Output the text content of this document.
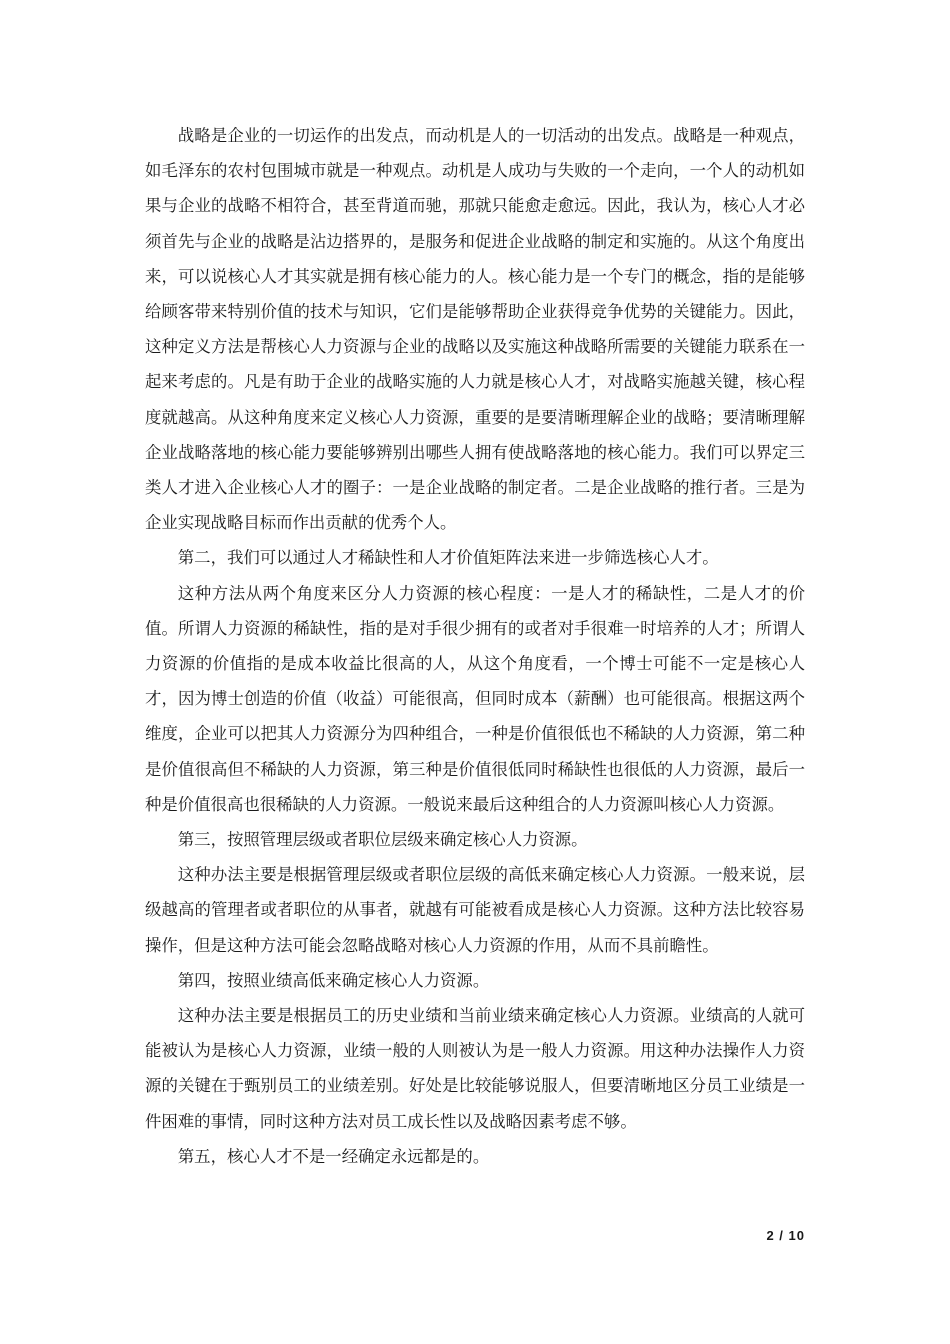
战略是企业的一切运作的出发点，而动机是人的一切活动的出发点。战略是一种观点，如毛泽东的农村包围城市就是一种观点。动机是人成功与失败的一个走向，一个人的动机如果与企业的战略不相符合，甚至背道而驰，那就只能愈走愈远。因此，我认为，核心人才必须首先与企业的战略是沾边搭界的，是服务和促进企业战略的制定和实施的。从这个角度出来，可以说核心人才其实就是拥有核心能力的人。核心能力是一个专门的概念，指的是能够给顾客带来特别价值的技术与知识，它们是能够帮助企业获得竞争优势的关键能力。因此，这种定义方法是帮核心人力资源与企业的战略以及实施这种战略所需要的关键能力联系在一起来考虑的。凡是有助于企业的战略实施的人力就是核心人才，对战略实施越关键，核心程度就越高。从这种角度来定义核心人力资源，重要的是要清晰理解企业的战略；要清晰理解企业战略落地的核心能力要能够辨别出哪些人拥有使战略落地的核心能力。我们可以界定三类人才进入企业核心人才的圈子：一是企业战略的制定者。二是企业战略的推行者。三是为企业实现战略目标而作出贡献的优秀个人。

第二，我们可以通过人才稀缺性和人才价值矩阵法来进一步筛选核心人才。

这种方法从两个角度来区分人力资源的核心程度：一是人才的稀缺性，二是人才的价值。所谓人力资源的稀缺性，指的是对手很少拥有的或者对手很难一时培养的人才；所谓人力资源的价值指的是成本收益比很高的人，从这个角度看，一个博士可能不一定是核心人才，因为博士创造的价值（收益）可能很高，但同时成本（薪酬）也可能很高。根据这两个维度，企业可以把其人力资源分为四种组合，一种是价值很低也不稀缺的人力资源，第二种是价值很高但不稀缺的人力资源，第三种是价值很低同时稀缺性也很低的人力资源，最后一种是价值很高也很稀缺的人力资源。一般说来最后这种组合的人力资源叫核心人力资源。

第三，按照管理层级或者职位层级来确定核心人力资源。

这种办法主要是根据管理层级或者职位层级的高低来确定核心人力资源。一般来说，层级越高的管理者或者职位的从事者，就越有可能被看成是核心人力资源。这种方法比较容易操作，但是这种方法可能会忽略战略对核心人力资源的作用，从而不具前瞻性。

第四，按照业绩高低来确定核心人力资源。

这种办法主要是根据员工的历史业绩和当前业绩来确定核心人力资源。业绩高的人就可能被认为是核心人力资源，业绩一般的人则被认为是一般人力资源。用这种办法操作人力资源的关键在于甄别员工的业绩差别。好处是比较能够说服人，但要清晰地区分员工业绩是一件困难的事情，同时这种方法对员工成长性以及战略因素考虑不够。

第五，核心人才不是一经确定永远都是的。

2 / 10
